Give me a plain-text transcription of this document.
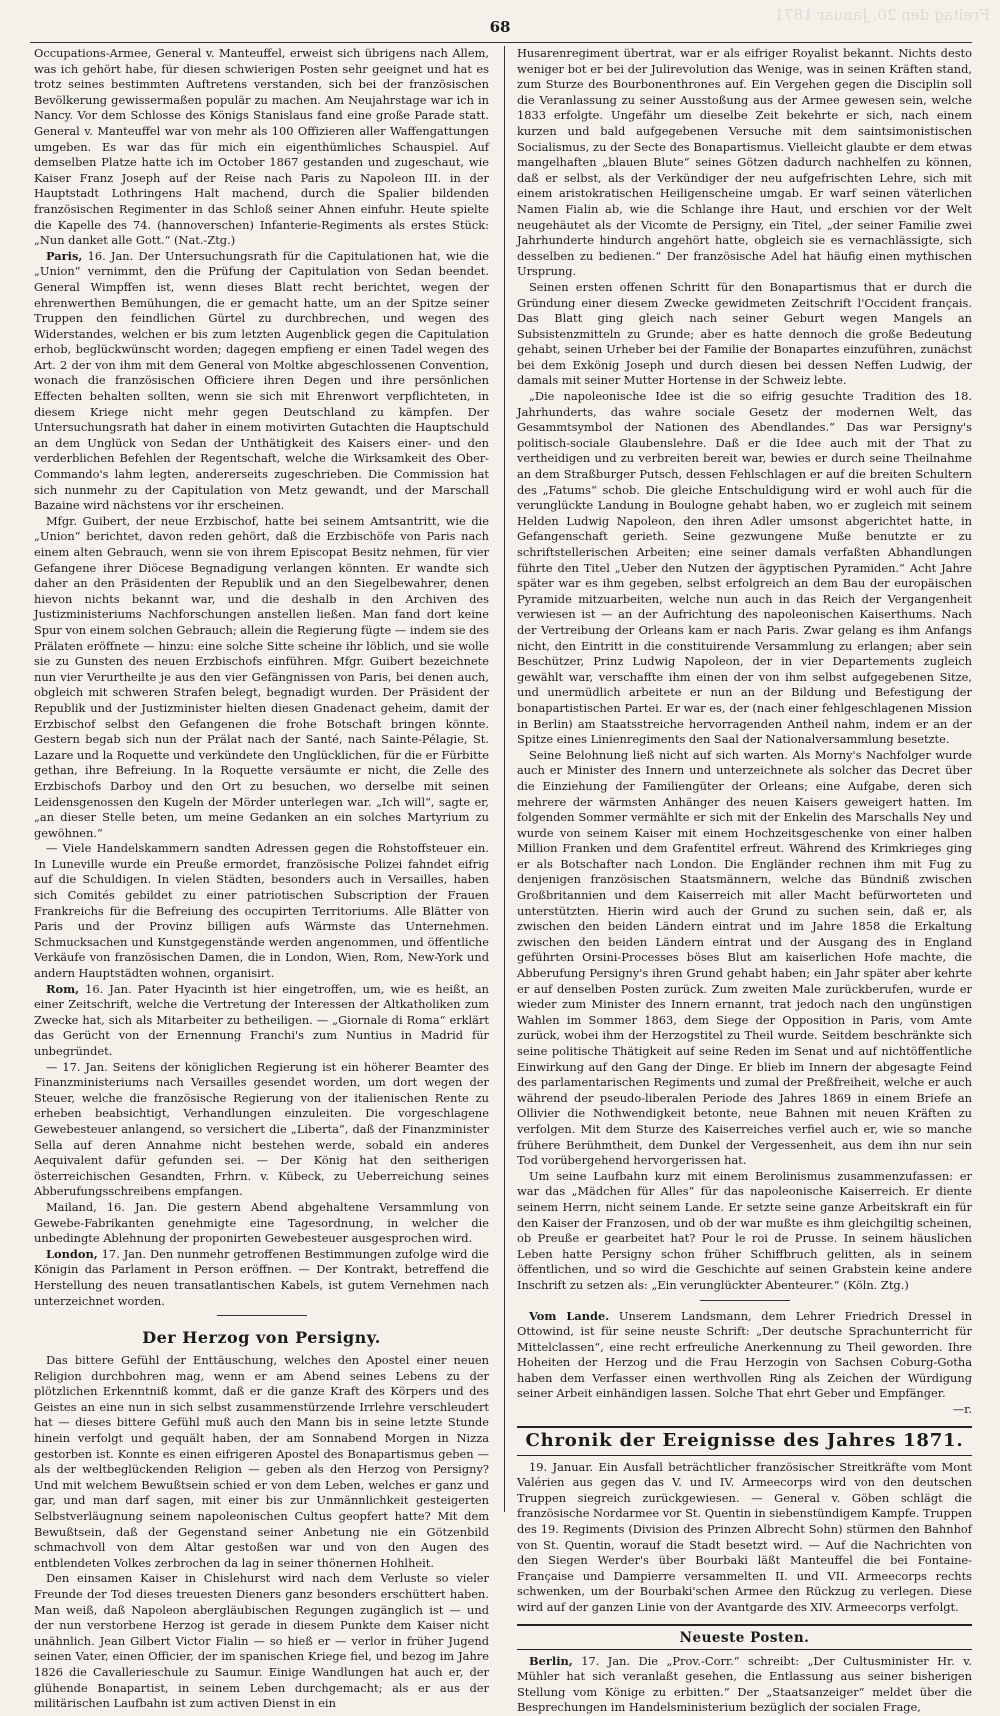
Freitag den 20. Januar 1871
68

Occupations-Armee, General v. Manteuffel, erweist sich übrigens nach Allem, was ich gehört habe, für diesen schwierigen Posten sehr geeignet und hat es trotz seines bestimmten Auftretens verstanden, sich bei der französischen Bevölkerung gewissermaßen populär zu machen. Am Neujahrstage war ich in Nancy. Vor dem Schlosse des Königs Stanislaus fand eine große Parade statt. General v. Manteuffel war von mehr als 100 Offizieren aller Waffengattungen umgeben. Es war das für mich ein eigenthümliches Schauspiel. Auf demselben Platze hatte ich im October 1867 gestanden und zugeschaut, wie Kaiser Franz Joseph auf der Reise nach Paris zu Napoleon III. in der Hauptstadt Lothringens Halt machend, durch die Spalier bildenden französischen Regimenter in das Schloß seiner Ahnen einfuhr. Heute spielte die Kapelle des 74. (hannoverschen) Infanterie-Regiments als erstes Stück: „Nun danket alle Gott.“ (Nat.-Ztg.)

Paris, 16. Jan. Der Untersuchungsrath für die Capitulationen hat, wie die „Union“ vernimmt, den die Prüfung der Capitulation von Sedan beendet. General Wimpffen ist, wenn dieses Blatt recht berichtet, wegen der ehrenwerthen Bemühungen, die er gemacht hatte, um an der Spitze seiner Truppen den feindlichen Gürtel zu durchbrechen, und wegen des Widerstandes, welchen er bis zum letzten Augenblick gegen die Capitulation erhob, beglückwünscht worden; dagegen empfieng er einen Tadel wegen des Art. 2 der von ihm mit dem General von Moltke abgeschlossenen Convention, wonach die französischen Officiere ihren Degen und ihre persönlichen Effecten behalten sollten, wenn sie sich mit Ehrenwort verpflichteten, in diesem Kriege nicht mehr gegen Deutschland zu kämpfen. Der Untersuchungsrath hat daher in einem motivirten Gutachten die Hauptschuld an dem Unglück von Sedan der Unthätigkeit des Kaisers einer- und den verderblichen Befehlen der Regentschaft, welche die Wirksamkeit des Ober-Commando's lahm legten, andererseits zugeschrieben. Die Commission hat sich nunmehr zu der Capitulation von Metz gewandt, und der Marschall Bazaine wird nächstens vor ihr erscheinen.

Mfgr. Guibert, der neue Erzbischof, hatte bei seinem Amtsantritt, wie die „Union“ berichtet, davon reden gehört, daß die Erzbischöfe von Paris nach einem alten Gebrauch, wenn sie von ihrem Episcopat Besitz nehmen, für vier Gefangene ihrer Diöcese Begnadigung verlangen könnten. Er wandte sich daher an den Präsidenten der Republik und an den Siegelbewahrer, denen hievon nichts bekannt war, und die deshalb in den Archiven des Justizministeriums Nachforschungen anstellen ließen. Man fand dort keine Spur von einem solchen Gebrauch; allein die Regierung fügte — indem sie des Prälaten eröffnete — hinzu: eine solche Sitte scheine ihr löblich, und sie wolle sie zu Gunsten des neuen Erzbischofs einführen. Mfgr. Guibert bezeichnete nun vier Verurtheilte je aus den vier Gefängnissen von Paris, bei denen auch, obgleich mit schweren Strafen belegt, begnadigt wurden. Der Präsident der Republik und der Justizminister hielten diesen Gnadenact geheim, damit der Erzbischof selbst den Gefangenen die frohe Botschaft bringen könnte. Gestern begab sich nun der Prälat nach der Santé, nach Sainte-Pélagie, St. Lazare und la Roquette und verkündete den Unglücklichen, für die er Fürbitte gethan, ihre Befreiung. In la Roquette versäumte er nicht, die Zelle des Erzbischofs Darboy und den Ort zu besuchen, wo derselbe mit seinen Leidensgenossen den Kugeln der Mörder unterlegen war. „Ich will“, sagte er, „an dieser Stelle beten, um meine Gedanken an ein solches Martyrium zu gewöhnen.“

— Viele Handelskammern sandten Adressen gegen die Rohstoffsteuer ein. In Luneville wurde ein Preuße ermordet, französische Polizei fahndet eifrig auf die Schuldigen. In vielen Städten, besonders auch in Versailles, haben sich Comités gebildet zu einer patriotischen Subscription der Frauen Frankreichs für die Befreiung des occupirten Territoriums. Alle Blätter von Paris und der Provinz billigen aufs Wärmste das Unternehmen. Schmucksachen und Kunstgegenstände werden angenommen, und öffentliche Verkäufe von französischen Damen, die in London, Wien, Rom, New-York und andern Hauptstädten wohnen, organisirt.

Rom, 16. Jan. Pater Hyacinth ist hier eingetroffen, um, wie es heißt, an einer Zeitschrift, welche die Vertretung der Interessen der Altkatholiken zum Zwecke hat, sich als Mitarbeiter zu betheiligen. — „Giornale di Roma“ erklärt das Gerücht von der Ernennung Franchi's zum Nuntius in Madrid für unbegründet.

— 17. Jan. Seitens der königlichen Regierung ist ein höherer Beamter des Finanzministeriums nach Versailles gesendet worden, um dort wegen der Steuer, welche die französische Regierung von der italienischen Rente zu erheben beabsichtigt, Verhandlungen einzuleiten. Die vorgeschlagene Gewebesteuer anlangend, so versichert die „Liberta“, daß der Finanzminister Sella auf deren Annahme nicht bestehen werde, sobald ein anderes Aequivalent dafür gefunden sei. — Der König hat den seitherigen österreichischen Gesandten, Frhrn. v. Kübeck, zu Ueberreichung seines Abberufungsschreibens empfangen.

Mailand, 16. Jan. Die gestern Abend abgehaltene Versammlung von Gewebe-Fabrikanten genehmigte eine Tagesordnung, in welcher die unbedingte Ablehnung der proponirten Gewebesteuer ausgesprochen wird.

London, 17. Jan. Den nunmehr getroffenen Bestimmungen zufolge wird die Königin das Parlament in Person eröffnen. — Der Kontrakt, betreffend die Herstellung des neuen transatlantischen Kabels, ist gutem Vernehmen nach unterzeichnet worden.

Der Herzog von Persigny.

Das bittere Gefühl der Enttäuschung, welches den Apostel einer neuen Religion durchbohren mag, wenn er am Abend seines Lebens zu der plötzlichen Erkenntniß kommt, daß er die ganze Kraft des Körpers und des Geistes an eine nun in sich selbst zusammenstürzende Irrlehre verschleudert hat — dieses bittere Gefühl muß auch den Mann bis in seine letzte Stunde hinein verfolgt und gequält haben, der am Sonnabend Morgen in Nizza gestorben ist. Konnte es einen eifrigeren Apostel des Bonapartismus geben — als der weltbeglückenden Religion — geben als den Herzog von Persigny? Und mit welchem Bewußtsein schied er von dem Leben, welches er ganz und gar, und man darf sagen, mit einer bis zur Unmännlichkeit gesteigerten Selbstverläugnung seinem napoleonischen Cultus geopfert hatte? Mit dem Bewußtsein, daß der Gegenstand seiner Anbetung nie ein Götzenbild schmachvoll von dem Altar gestoßen war und von den Augen des entblendeten Volkes zerbrochen da lag in seiner thönernen Hohlheit.

Den einsamen Kaiser in Chislehurst wird nach dem Verluste so vieler Freunde der Tod dieses treuesten Dieners ganz besonders erschüttert haben. Man weiß, daß Napoleon abergläubischen Regungen zugänglich ist — und der nun verstorbene Herzog ist gerade in diesem Punkte dem Kaiser nicht unähnlich. Jean Gilbert Victor Fialin — so hieß er — verlor in früher Jugend seinen Vater, einen Officier, der im spanischen Kriege fiel, und bezog im Jahre 1826 die Cavallerieschule zu Saumur. Einige Wandlungen hat auch er, der glühende Bonapartist, in seinem Leben durchgemacht; als er aus der militärischen Laufbahn ist zum activen Dienst in ein

Husarenregiment übertrat, war er als eifriger Royalist bekannt. Nichts desto weniger bot er bei der Julirevolution das Wenige, was in seinen Kräften stand, zum Sturze des Bourbonenthrones auf. Ein Vergehen gegen die Disciplin soll die Veranlassung zu seiner Ausstoßung aus der Armee gewesen sein, welche 1833 erfolgte. Ungefähr um dieselbe Zeit bekehrte er sich, nach einem kurzen und bald aufgegebenen Versuche mit dem saintsimonistischen Socialismus, zu der Secte des Bonapartismus. Vielleicht glaubte er dem etwas mangelhaften „blauen Blute“ seines Götzen dadurch nachhelfen zu können, daß er selbst, als der Verkündiger der neu aufgefrischten Lehre, sich mit einem aristokratischen Heiligenscheine umgab. Er warf seinen väterlichen Namen Fialin ab, wie die Schlange ihre Haut, und erschien vor der Welt neugehäutet als der Vicomte de Persigny, ein Titel, „der seiner Familie zwei Jahrhunderte hindurch angehört hatte, obgleich sie es vernachlässigte, sich desselben zu bedienen.“ Der französische Adel hat häufig einen mythischen Ursprung.

Seinen ersten offenen Schritt für den Bonapartismus that er durch die Gründung einer diesem Zwecke gewidmeten Zeitschrift l'Occident français. Das Blatt ging gleich nach seiner Geburt wegen Mangels an Subsistenzmitteln zu Grunde; aber es hatte dennoch die große Bedeutung gehabt, seinen Urheber bei der Familie der Bonapartes einzuführen, zunächst bei dem Exkönig Joseph und durch diesen bei dessen Neffen Ludwig, der damals mit seiner Mutter Hortense in der Schweiz lebte.

„Die napoleonische Idee ist die so eifrig gesuchte Tradition des 18. Jahrhunderts, das wahre sociale Gesetz der modernen Welt, das Gesammtsymbol der Nationen des Abendlandes.“ Das war Persigny's politisch-sociale Glaubenslehre. Daß er die Idee auch mit der That zu vertheidigen und zu verbreiten bereit war, bewies er durch seine Theilnahme an dem Straßburger Putsch, dessen Fehlschlagen er auf die breiten Schultern des „Fatums“ schob. Die gleiche Entschuldigung wird er wohl auch für die verunglückte Landung in Boulogne gehabt haben, wo er zugleich mit seinem Helden Ludwig Napoleon, den ihren Adler umsonst abgerichtet hatte, in Gefangenschaft gerieth. Seine gezwungene Muße benutzte er zu schriftstellerischen Arbeiten; eine seiner damals verfaßten Abhandlungen führte den Titel „Ueber den Nutzen der ägyptischen Pyramiden.“ Acht Jahre später war es ihm gegeben, selbst erfolgreich an dem Bau der europäischen Pyramide mitzuarbeiten, welche nun auch in das Reich der Vergangenheit verwiesen ist — an der Aufrichtung des napoleonischen Kaiserthums. Nach der Vertreibung der Orleans kam er nach Paris. Zwar gelang es ihm Anfangs nicht, den Eintritt in die constituirende Versammlung zu erlangen; aber sein Beschützer, Prinz Ludwig Napoleon, der in vier Departements zugleich gewählt war, verschaffte ihm einen der von ihm selbst aufgegebenen Sitze, und unermüdlich arbeitete er nun an der Bildung und Befestigung der bonapartistischen Partei. Er war es, der (nach einer fehlgeschlagenen Mission in Berlin) am Staatsstreiche hervorragenden Antheil nahm, indem er an der Spitze eines Linienregiments den Saal der Nationalversammlung besetzte.

Seine Belohnung ließ nicht auf sich warten. Als Morny's Nachfolger wurde auch er Minister des Innern und unterzeichnete als solcher das Decret über die Einziehung der Familiengüter der Orleans; eine Aufgabe, deren sich mehrere der wärmsten Anhänger des neuen Kaisers geweigert hatten. Im folgenden Sommer vermählte er sich mit der Enkelin des Marschalls Ney und wurde von seinem Kaiser mit einem Hochzeitsgeschenke von einer halben Million Franken und dem Grafentitel erfreut. Während des Krimkrieges ging er als Botschafter nach London. Die Engländer rechnen ihm mit Fug zu denjenigen französischen Staatsmännern, welche das Bündniß zwischen Großbritannien und dem Kaiserreich mit aller Macht befürworteten und unterstützten. Hierin wird auch der Grund zu suchen sein, daß er, als zwischen den beiden Ländern eintrat und im Jahre 1858 die Erkaltung zwischen den beiden Ländern eintrat und der Ausgang des in England geführten Orsini-Processes böses Blut am kaiserlichen Hofe machte, die Abberufung Persigny's ihren Grund gehabt haben; ein Jahr später aber kehrte er auf denselben Posten zurück. Zum zweiten Male zurückberufen, wurde er wieder zum Minister des Innern ernannt, trat jedoch nach den ungünstigen Wahlen im Sommer 1863, dem Siege der Opposition in Paris, vom Amte zurück, wobei ihm der Herzogstitel zu Theil wurde. Seitdem beschränkte sich seine politische Thätigkeit auf seine Reden im Senat und auf nichtöffentliche Einwirkung auf den Gang der Dinge. Er blieb im Innern der abgesagte Feind des parlamentarischen Regiments und zumal der Preßfreiheit, welche er auch während der pseudo-liberalen Periode des Jahres 1869 in einem Briefe an Ollivier die Nothwendigkeit betonte, neue Bahnen mit neuen Kräften zu verfolgen. Mit dem Sturze des Kaiserreiches verfiel auch er, wie so manche frühere Berühmtheit, dem Dunkel der Vergessenheit, aus dem ihn nur sein Tod vorübergehend hervorgerissen hat.

Um seine Laufbahn kurz mit einem Berolinismus zusammenzufassen: er war das „Mädchen für Alles“ für das napoleonische Kaiserreich. Er diente seinem Herrn, nicht seinem Lande. Er setzte seine ganze Arbeitskraft ein für den Kaiser der Franzosen, und ob der war mußte es ihm gleichgiltig scheinen, ob Preuße er gearbeitet hat? Pour le roi de Prusse. In seinem häuslichen Leben hatte Persigny schon früher Schiffbruch gelitten, als in seinem öffentlichen, und so wird die Geschichte auf seinen Grabstein keine andere Inschrift zu setzen als: „Ein verunglückter Abenteurer.“ (Köln. Ztg.)

Vom Lande. Unserem Landsmann, dem Lehrer Friedrich Dressel in Ottowind, ist für seine neuste Schrift: „Der deutsche Sprachunterricht für Mittelclassen“, eine recht erfreuliche Anerkennung zu Theil geworden. Ihre Hoheiten der Herzog und die Frau Herzogin von Sachsen Coburg-Gotha haben dem Verfasser einen werthvollen Ring als Zeichen der Würdigung seiner Arbeit einhändigen lassen. Solche That ehrt Geber und Empfänger.

—r.

Chronik der Ereignisse des Jahres 1871.

19. Januar. Ein Ausfall beträchtlicher französischer Streitkräfte vom Mont Valérien aus gegen das V. und IV. Armeecorps wird von den deutschen Truppen siegreich zurückgewiesen. — General v. Göben schlägt die französische Nordarmee vor St. Quentin in siebenstündigem Kampfe. Truppen des 19. Regiments (Division des Prinzen Albrecht Sohn) stürmen den Bahnhof von St. Quentin, worauf die Stadt besetzt wird. — Auf die Nachrichten von den Siegen Werder's über Bourbaki läßt Manteuffel die bei Fontaine-Française und Dampierre versammelten II. und VII. Armeecorps rechts schwenken, um der Bourbaki'schen Armee den Rückzug zu verlegen. Diese wird auf der ganzen Linie von der Avantgarde des XIV. Armeecorps verfolgt.

Neueste Posten.

Berlin, 17. Jan. Die „Prov.-Corr.“ schreibt: „Der Cultusminister Hr. v. Mühler hat sich veranlaßt gesehen, die Entlassung aus seiner bisherigen Stellung vom Könige zu erbitten.“ Der „Staatsanzeiger“ meldet über die Besprechungen im Handelsministerium bezüglich der socialen Frage,
